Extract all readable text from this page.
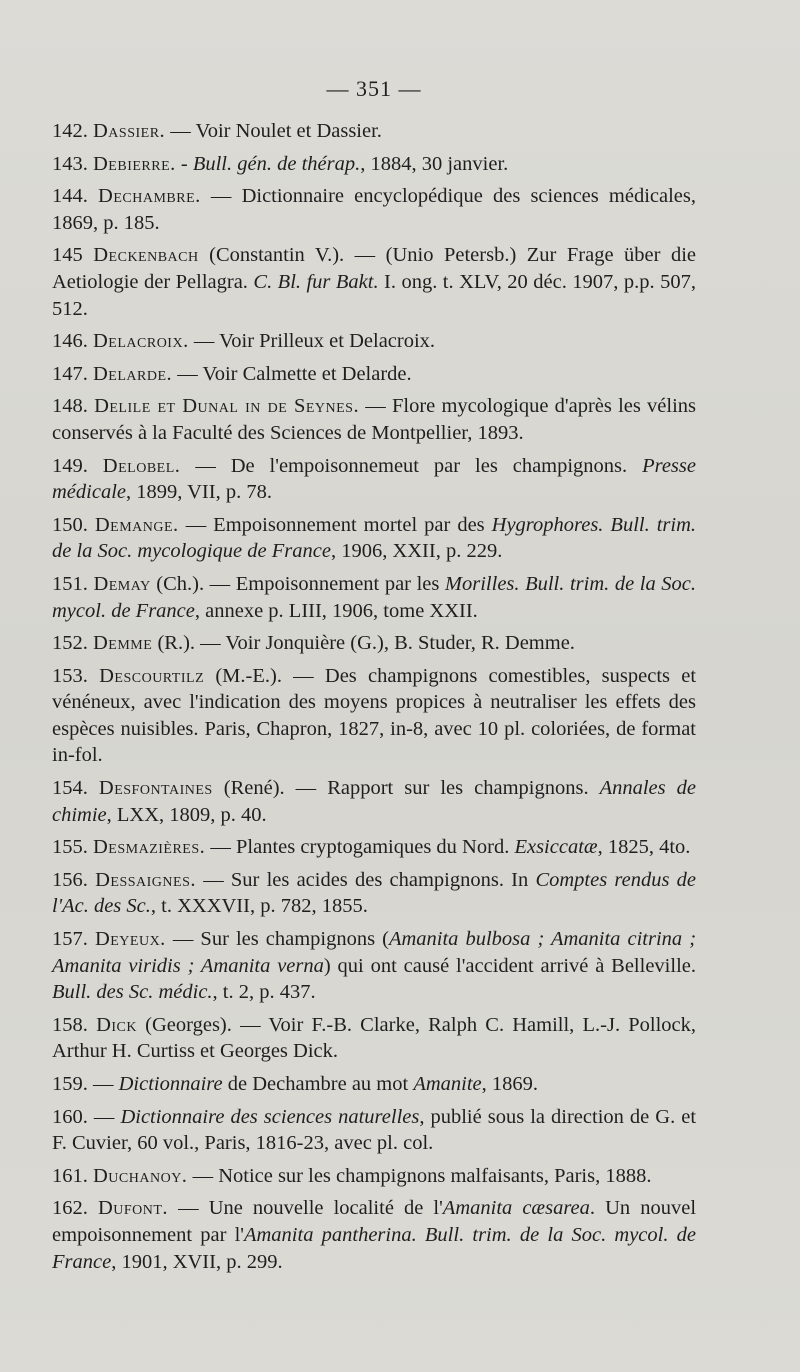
— 351 —

142. Dassier. — Voir Noulet et Dassier.

143. Debierre. - Bull. gén. de thérap., 1884, 30 janvier.

144. Dechambre. — Dictionnaire encyclopédique des sciences médicales, 1869, p. 185.

145 Deckenbach (Constantin V.). — (Unio Petersb.) Zur Frage über die Aetiologie der Pellagra. C. Bl. fur Bakt. I. ong. t. XLV, 20 déc. 1907, p.p. 507, 512.

146. Delacroix. — Voir Prilleux et Delacroix.

147. Delarde. — Voir Calmette et Delarde.

148. Delile et Dunal in de Seynes. — Flore mycologique d'après les vélins conservés à la Faculté des Sciences de Montpellier, 1893.

149. Delobel. — De l'empoisonnemeut par les champignons. Presse médicale, 1899, VII, p. 78.

150. Demange. — Empoisonnement mortel par des Hygrophores. Bull. trim. de la Soc. mycologique de France, 1906, XXII, p. 229.

151. Demay (Ch.). — Empoisonnement par les Morilles. Bull. trim. de la Soc. mycol. de France, annexe p. LIII, 1906, tome XXII.

152. Demme (R.). — Voir Jonquière (G.), B. Studer, R. Demme.

153. Descourtilz (M.-E.). — Des champignons comestibles, suspects et vénéneux, avec l'indication des moyens propices à neutraliser les effets des espèces nuisibles. Paris, Chapron, 1827, in-8, avec 10 pl. coloriées, de format in-fol.

154. Desfontaines (René). — Rapport sur les champignons. Annales de chimie, LXX, 1809, p. 40.

155. Desmazières. — Plantes cryptogamiques du Nord. Exsiccatæ, 1825, 4to.

156. Dessaignes. — Sur les acides des champignons. In Comptes rendus de l'Ac. des Sc., t. XXXVII, p. 782, 1855.

157. Deyeux. — Sur les champignons (Amanita bulbosa ; Amanita citrina ; Amanita viridis ; Amanita verna) qui ont causé l'accident arrivé à Belleville. Bull. des Sc. médic., t. 2, p. 437.

158. Dick (Georges). — Voir F.-B. Clarke, Ralph C. Hamill, L.-J. Pollock, Arthur H. Curtiss et Georges Dick.

159. — Dictionnaire de Dechambre au mot Amanite, 1869.

160. — Dictionnaire des sciences naturelles, publié sous la direction de G. et F. Cuvier, 60 vol., Paris, 1816-23, avec pl. col.

161. Duchanoy. — Notice sur les champignons malfaisants, Paris, 1888.

162. Dufont. — Une nouvelle localité de l'Amanita cæsarea. Un nouvel empoisonnement par l'Amanita pantherina. Bull. trim. de la Soc. mycol. de France, 1901, XVII, p. 299.
